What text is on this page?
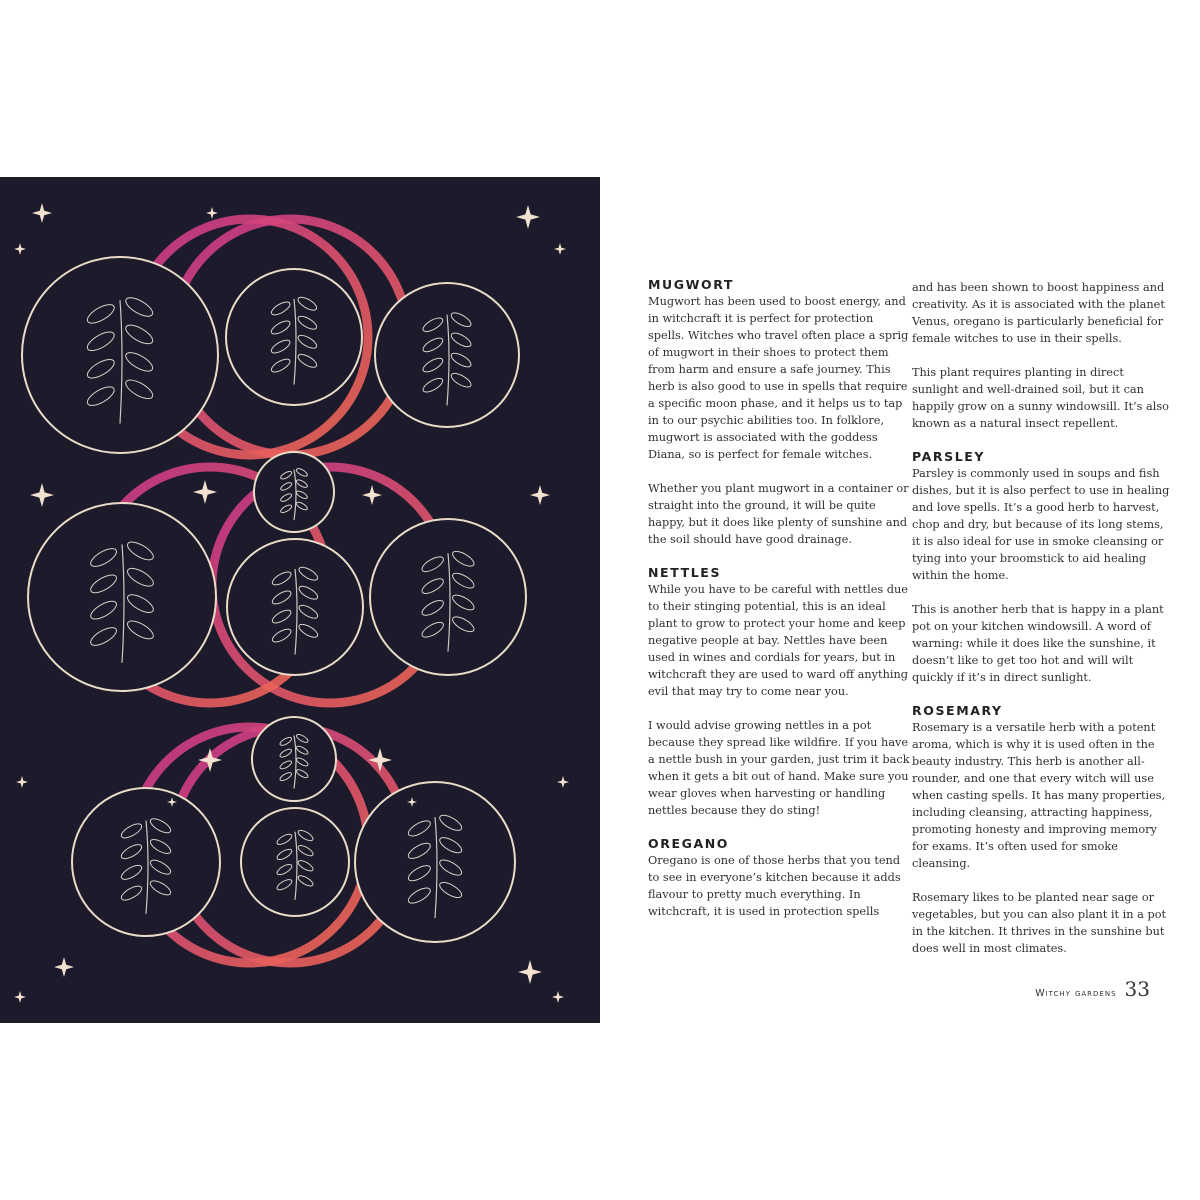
MUGWORT

Mugwort has been used to boost energy, and in witchcraft it is perfect for protection spells. Witches who travel often place a sprig of mugwort in their shoes to protect them from harm and ensure a safe journey. This herb is also good to use in spells that require a specific moon phase, and it helps us to tap in to our psychic abilities too. In folklore, mugwort is associated with the goddess Diana, so is perfect for female witches.

Whether you plant mugwort in a container or straight into the ground, it will be quite happy, but it does like plenty of sunshine and the soil should have good drainage.

NETTLES

While you have to be careful with nettles due to their stinging potential, this is an ideal plant to grow to protect your home and keep negative people at bay. Nettles have been used in wines and cordials for years, but in witchcraft they are used to ward off anything evil that may try to come near you.

I would advise growing nettles in a pot because they spread like wildfire. If you have a nettle bush in your garden, just trim it back when it gets a bit out of hand. Make sure you wear gloves when harvesting or handling nettles because they do sting!

OREGANO

Oregano is one of those herbs that you tend to see in everyone’s kitchen because it adds flavour to pretty much everything. In witchcraft, it is used in protection spells

and has been shown to boost happiness and creativity. As it is associated with the planet Venus, oregano is particularly beneficial for female witches to use in their spells.

This plant requires planting in direct sunlight and well-drained soil, but it can happily grow on a sunny windowsill. It’s also known as a natural insect repellent.

PARSLEY

Parsley is commonly used in soups and fish dishes, but it is also perfect to use in healing and love spells. It’s a good herb to harvest, chop and dry, but because of its long stems, it is also ideal for use in smoke cleansing or tying into your broomstick to aid healing within the home.

This is another herb that is happy in a plant pot on your kitchen windowsill. A word of warning: while it does like the sunshine, it doesn’t like to get too hot and will wilt quickly if it’s in direct sunlight.

ROSEMARY

Rosemary is a versatile herb with a potent aroma, which is why it is used often in the beauty industry. This herb is another all-rounder, and one that every witch will use when casting spells. It has many properties, including cleansing, attracting happiness, promoting honesty and improving memory for exams. It’s often used for smoke cleansing.

Rosemary likes to be planted near sage or vegetables, but you can also plant it in a pot in the kitchen. It thrives in the sunshine but does well in most climates.

Witchy gardens 33
